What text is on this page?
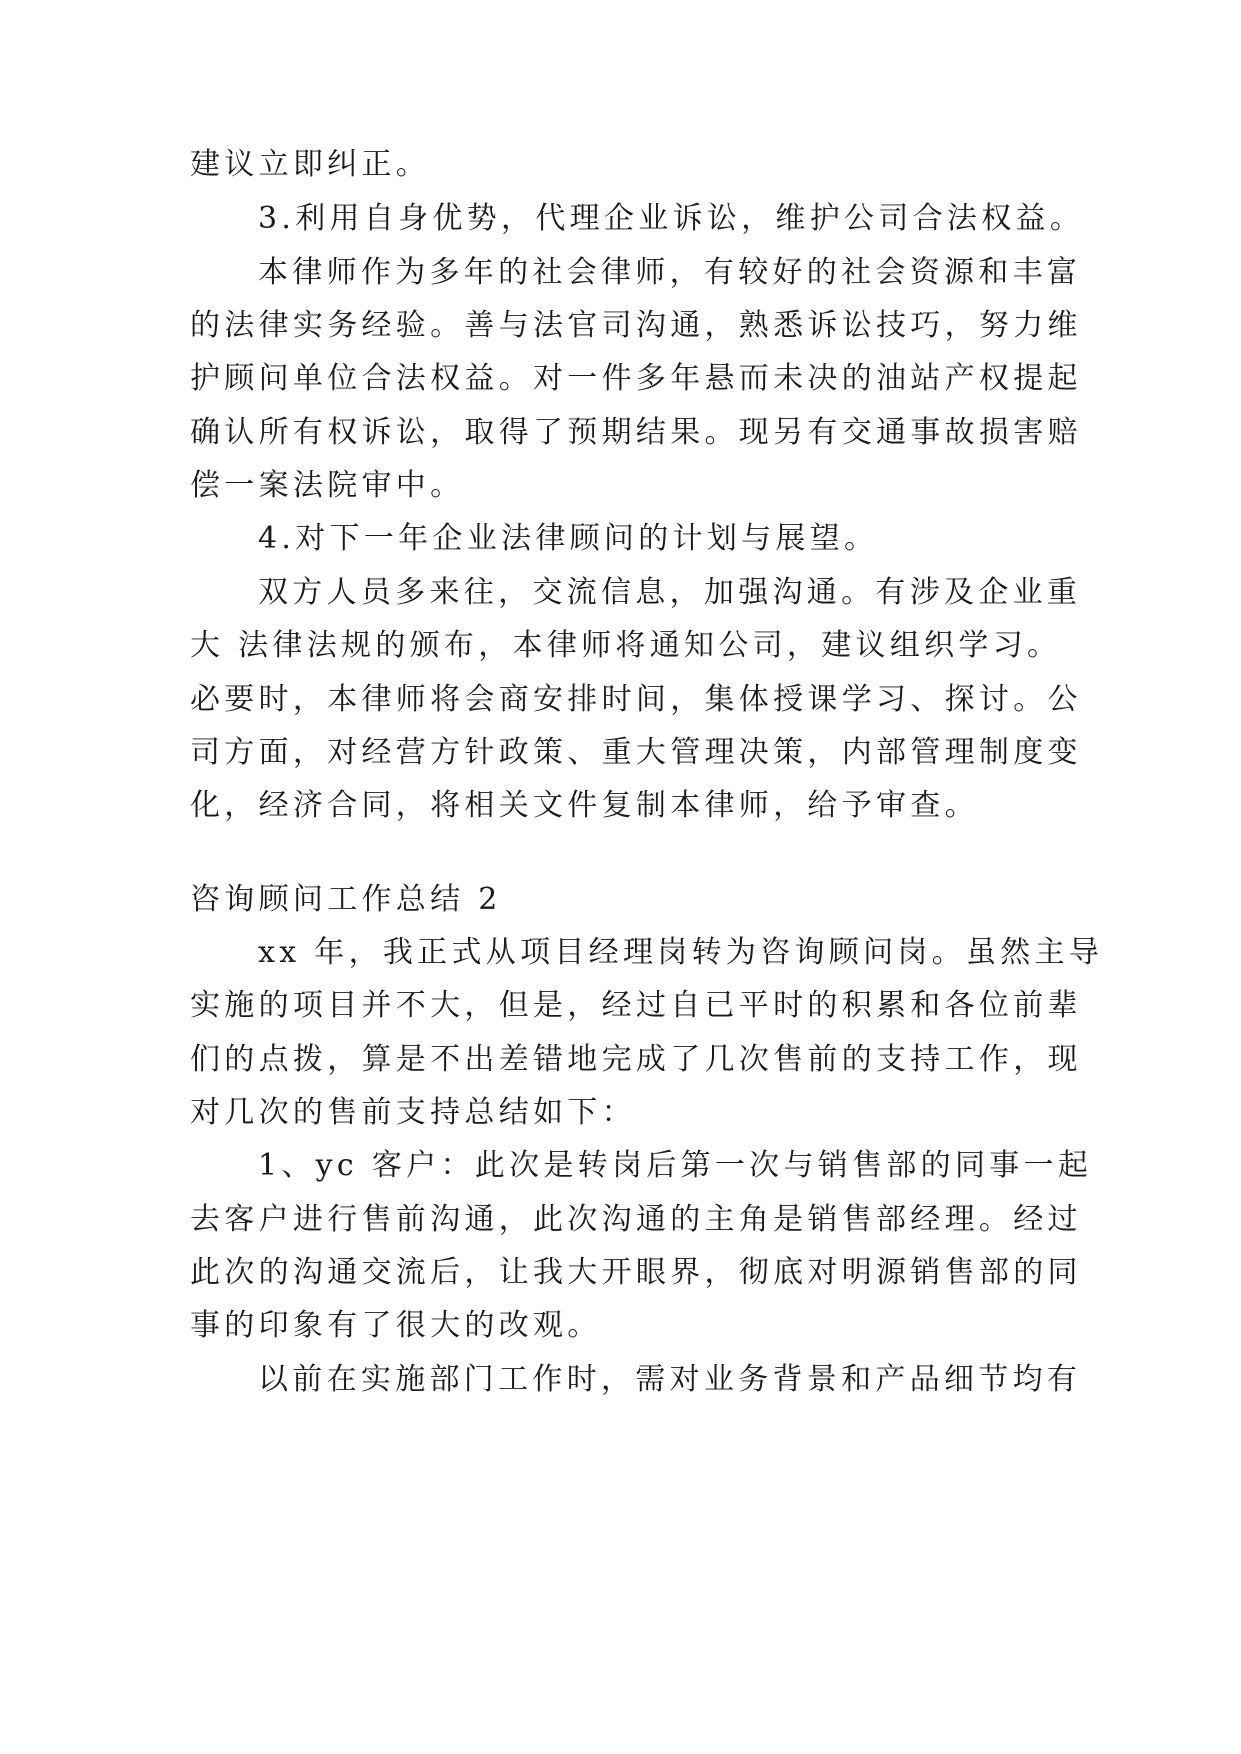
建议立即纠正。

3.利用自身优势，代理企业诉讼，维护公司合法权益。

本律师作为多年的社会律师，有较好的社会资源和丰富

的法律实务经验。善与法官司沟通，熟悉诉讼技巧，努力维

护顾问单位合法权益。对一件多年悬而未决的油站产权提起

确认所有权诉讼，取得了预期结果。现另有交通事故损害赔

偿一案法院审中。

4.对下一年企业法律顾问的计划与展望。

双方人员多来往，交流信息，加强沟通。有涉及企业重

大 法律法规的颁布，本律师将通知公司，建议组织学习。

必要时，本律师将会商安排时间，集体授课学习、探讨。公

司方面，对经营方针政策、重大管理决策，内部管理制度变

化，经济合同，将相关文件复制本律师，给予审查。

咨询顾问工作总结 2

xx 年，我正式从项目经理岗转为咨询顾问岗。虽然主导

实施的项目并不大，但是，经过自已平时的积累和各位前辈

们的点拨，算是不出差错地完成了几次售前的支持工作，现

对几次的售前支持总结如下：

1、yc 客户：此次是转岗后第一次与销售部的同事一起

去客户进行售前沟通，此次沟通的主角是销售部经理。经过

此次的沟通交流后，让我大开眼界，彻底对明源销售部的同

事的印象有了很大的改观。

以前在实施部门工作时，需对业务背景和产品细节均有
